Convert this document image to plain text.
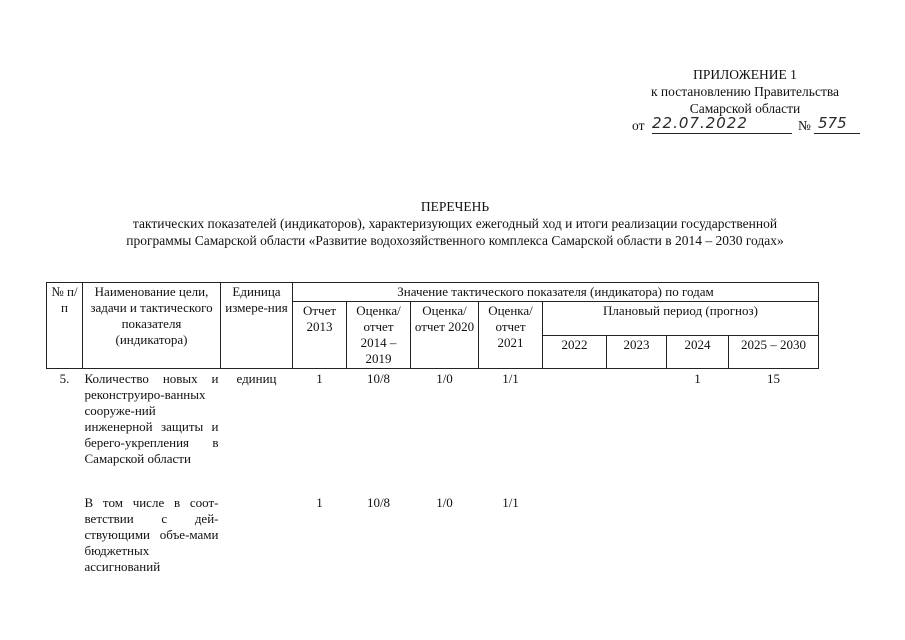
ПРИЛОЖЕНИЕ 1
к постановлению Правительства
Самарской области
от 22.07.2022	№ 575
ПЕРЕЧЕНЬ
тактических показателей (индикаторов), характеризующих ежегодный ход и итоги реализации государственной
программы Самарской области «Развитие водохозяйственного комплекса Самарской области в 2014 – 2030 годах»
№ п/п	Наименование цели, задачи и тактического показателя (индикатора)	Единица измере-ния	Значение тактического показателя (индикатора) по годам							
			Отчет 2013	Оценка/ отчет 2014 – 2019	Оценка/ отчет 2020	Оценка/ отчет 2021	Плановый период (прогноз)			
							2022	2023	2024	2025 – 2030
5.	Количество новых и реконструиро-ванных сооруже-ний инженерной защиты и берего-укрепления в Самарской области	единиц	1	10/8	1/0	1/1			1	15

	В том числе в соот-ветствии с дей-ствующими объе-мами бюджетных ассигнований		1	10/8	1/0	1/1				
